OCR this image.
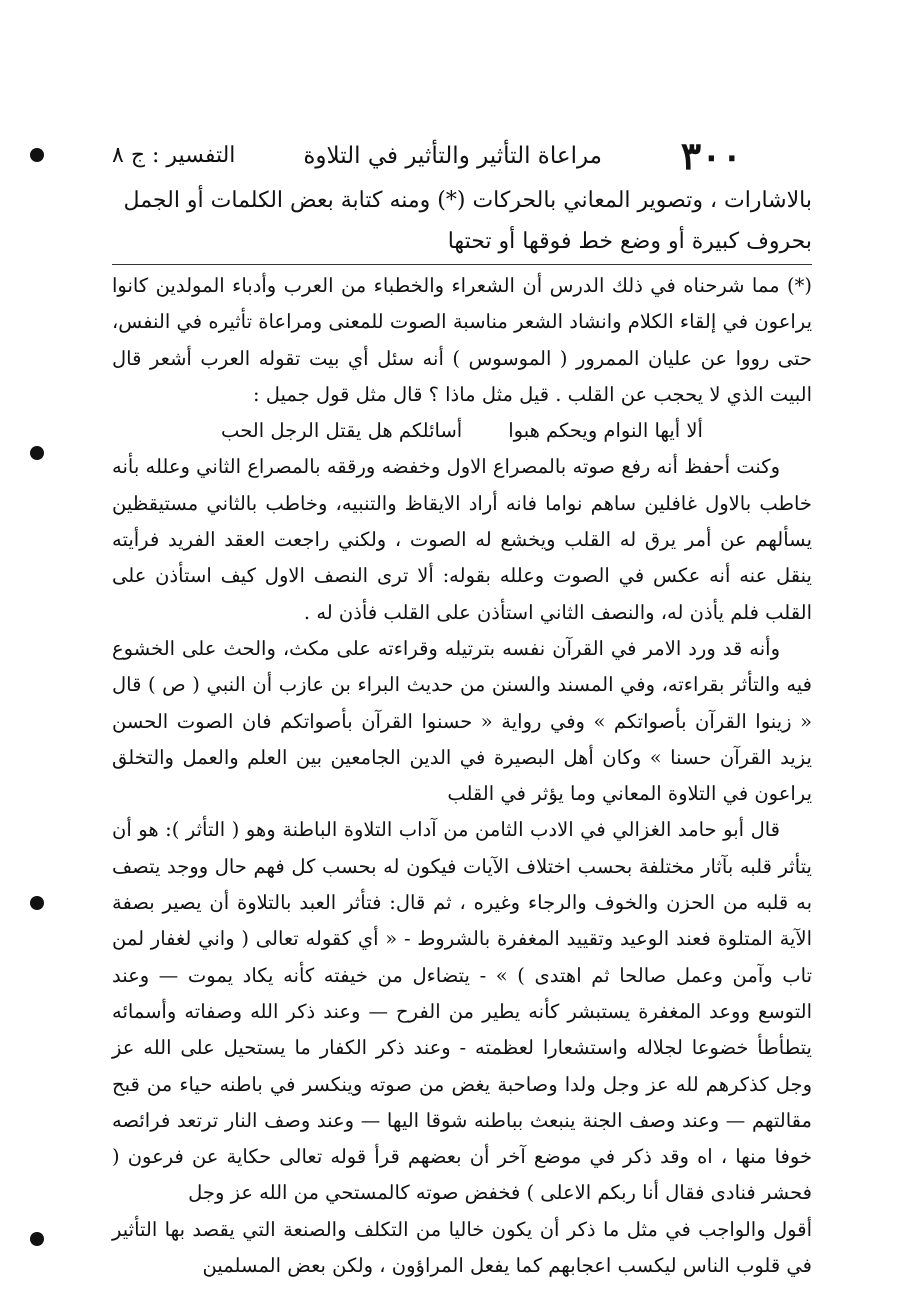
٣٠٠
مراعاة التأثير والتأثير في التلاوة
التفسير : ج ٨

بالاشارات ، وتصوير المعاني بالحركات (*) ومنه كتابة بعض الكلمات أو الجمل

بحروف كبيرة أو وضع خط فوقها أو تحتها

(*) مما شرحناه في ذلك الدرس أن الشعراء والخطباء من العرب وأدباء المولدين كانوا يراعون في إلقاء الكلام وانشاد الشعر مناسبة الصوت للمعنى ومراعاة تأثيره في النفس، حتى رووا عن عليان الممرور ( الموسوس ) أنه سئل أي بيت تقوله العرب أشعر قال البيت الذي لا يحجب عن القلب . قيل مثل ماذا ؟ قال مثل قول جميل :

ألا أيها النوام ويحكم هبوا
أسائلكم هل يقتل الرجل الحب

وكنت أحفظ أنه رفع صوته بالمصراع الاول وخفضه ورققه بالمصراع الثاني وعلله بأنه خاطب بالاول غافلين ساهم نواما فانه أراد الايقاظ والتنبيه، وخاطب بالثاني مستيقظين يسألهم عن أمر يرق له القلب ويخشع له الصوت ، ولكني راجعت العقد الفريد فرأيته ينقل عنه أنه عكس في الصوت وعلله بقوله: ألا ترى النصف الاول كيف استأذن على القلب فلم يأذن له، والنصف الثاني استأذن على القلب فأذن له .

وأنه قد ورد الامر في القرآن نفسه بترتيله وقراءته على مكث، والحث على الخشوع فيه والتأثر بقراءته، وفي المسند والسنن من حديث البراء بن عازب أن النبي ( ص ) قال « زينوا القرآن بأصواتكم » وفي رواية « حسنوا القرآن بأصواتكم فان الصوت الحسن يزيد القرآن حسنا » وكان أهل البصيرة في الدين الجامعين بين العلم والعمل والتخلق يراعون في التلاوة المعاني وما يؤثر في القلب

قال أبو حامد الغزالي في الادب الثامن من آداب التلاوة الباطنة وهو ( التأثر ): هو أن يتأثر قلبه بآثار مختلفة بحسب اختلاف الآيات فيكون له بحسب كل فهم حال ووجد يتصف به قلبه من الحزن والخوف والرجاء وغيره ، ثم قال: فتأثر العبد بالتلاوة أن يصير بصفة الآية المتلوة فعند الوعيد وتقييد المغفرة بالشروط - « أي كقوله تعالى ( واني لغفار لمن تاب وآمن وعمل صالحا ثم اهتدى ) » - يتضاءل من خيفته كأنه يكاد يموت — وعند التوسع ووعد المغفرة يستبشر كأنه يطير من الفرح — وعند ذكر الله وصفاته وأسمائه يتطأطأ خضوعا لجلاله واستشعارا لعظمته - وعند ذكر الكفار ما يستحيل على الله عز وجل كذكرهم لله عز وجل ولدا وصاحبة يغض من صوته وينكسر في باطنه حياء من قبح مقالتهم — وعند وصف الجنة ينبعث بباطنه شوقا اليها — وعند وصف النار ترتعد فرائصه خوفا منها ، اه وقد ذكر في موضع آخر أن بعضهم قرأ قوله تعالى حكاية عن فرعون ( فحشر فنادى فقال أنا ربكم الاعلى ) فخفض صوته كالمستحي من الله عز وجل

أقول والواجب في مثل ما ذكر أن يكون خاليا من التكلف والصنعة التي يقصد بها التأثير في قلوب الناس ليكسب اعجابهم كما يفعل المراؤون ، ولكن بعض المسلمين
